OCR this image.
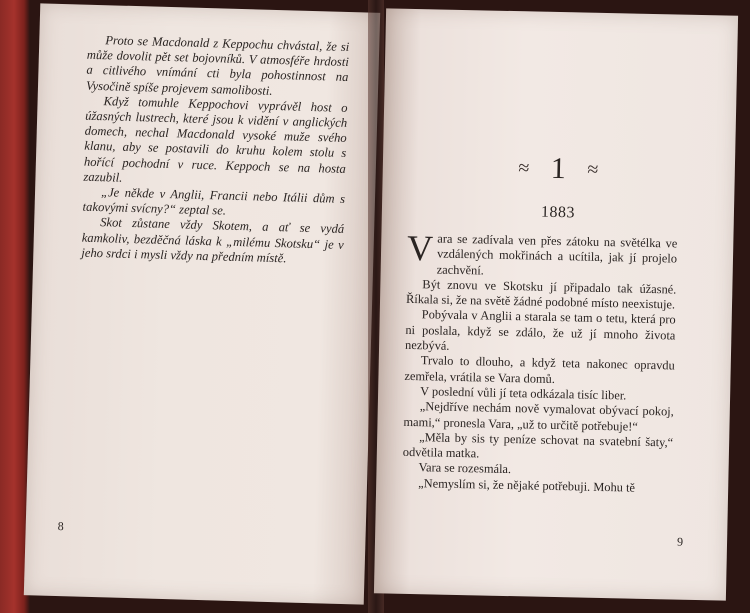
Proto se Macdonald z Keppochu chvástal, že si může dovolit pět set bojovníků. V atmosféře hrdosti a citlivého vnímání cti byla pohostinnost na Vysočině spíše projevem samolibosti.

Když tomuhle Keppochovi vyprávěl host o úžasných lustrech, které jsou k vidění v anglických domech, nechal Macdonald vysoké muže svého klanu, aby se postavili do kruhu kolem stolu s hořící pochodní v ruce. Keppoch se na hosta zazubil.

„Je někde v Anglii, Francii nebo Itálii dům s takovými svícny?“ zeptal se.

Skot zůstane vždy Skotem, a ať se vydá kamkoliv, bezděčná láska k „milému Skotsku“ je v jeho srdci i mysli vždy na předním místě.

8
≈ 1 ≈
1883

Vara se zadívala ven přes zátoku na světélka ve vzdálených mokřinách a ucítila, jak jí projelo zachvění.

Být znovu ve Skotsku jí připadalo tak úžasné. Říkala si, že na světě žádné podobné místo neexistuje.

Pobývala v Anglii a starala se tam o tetu, která pro ni poslala, když se zdálo, že už jí mnoho života nezbývá.

Trvalo to dlouho, a když teta nakonec opravdu zemřela, vrátila se Vara domů.

V poslední vůli jí teta odkázala tisíc liber.

„Nejdříve nechám nově vymalovat obývací pokoj, mami,“ pronesla Vara, „už to určitě potřebuje!“

„Měla by sis ty peníze schovat na svatební šaty,“ odvětila matka.

Vara se rozesmála.

„Nemyslím si, že nějaké potřebuji. Mohu tě

9
